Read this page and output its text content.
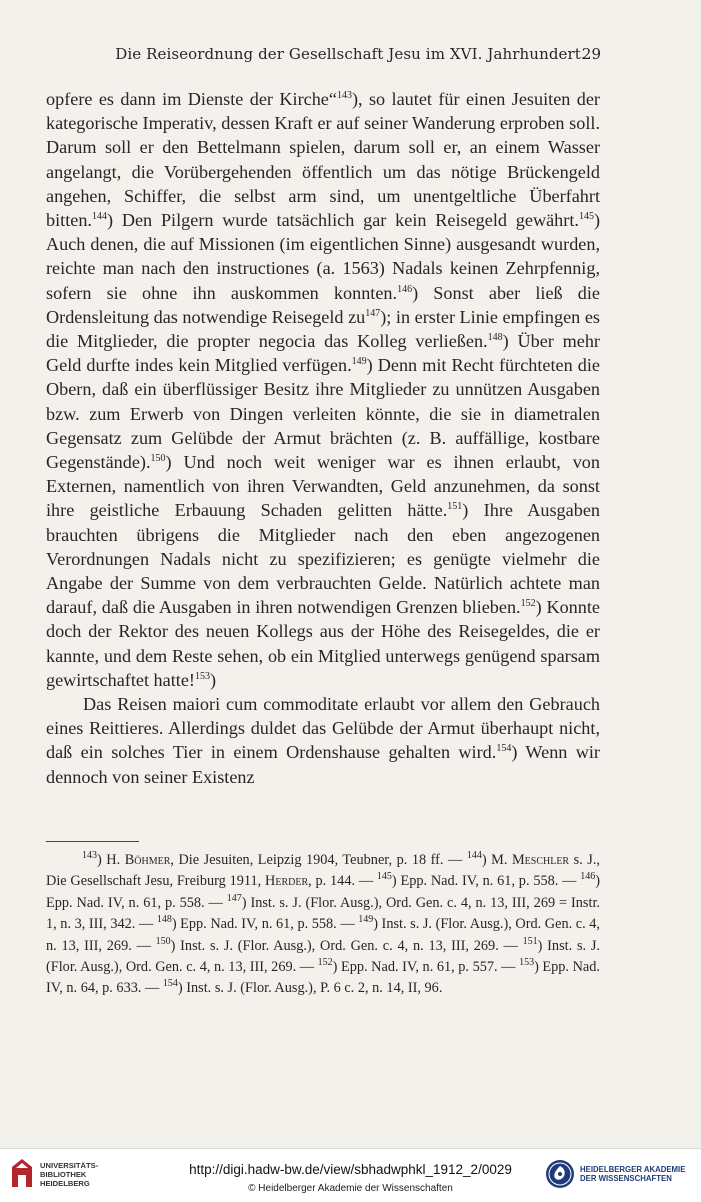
Die Reiseordnung der Gesellschaft Jesu im XVI. Jahrhundert.
29

opfere es dann im Dienste der Kirche“$^{143}$), so lautet für einen Jesuiten der kategorische Imperativ, dessen Kraft er auf seiner Wanderung erproben soll. Darum soll er den Bettelmann spielen, darum soll er, an einem Wasser angelangt, die Vorübergehenden öffentlich um das nötige Brückengeld angehen, Schiffer, die selbst arm sind, um unentgeltliche Überfahrt bitten.$^{144}$) Den Pilgern wurde tatsächlich gar kein Reisegeld gewährt.$^{145}$) Auch denen, die auf Missionen (im eigentlichen Sinne) ausgesandt wurden, reichte man nach den instructiones (a. 1563) Nadals keinen Zehrpfennig, sofern sie ohne ihn auskommen konnten.$^{146}$) Sonst aber ließ die Ordensleitung das notwendige Reisegeld $zu^{147}$); in erster Linie empfingen es die Mitglieder, die propter negocia das Kolleg verließen.$^{148}$) Über mehr Geld durfte indes kein Mitglied verfügen.$^{149}$) Denn mit Recht fürchteten die Obern, daß ein überflüssiger Besitz ihre Mitglieder zu unnützen Ausgaben bzw. zum Erwerb von Dingen verleiten könnte, die sie in diametralen Gegensatz zum Gelübde der Armut brächten (z. B. auffällige, kostbare Gegenstände).$^{150}$) Und noch weit weniger war es ihnen erlaubt, von Externen, namentlich von ihren Verwandten, Geld anzunehmen, da sonst ihre geistliche Erbauung Schaden gelitten hätte.$^{151}$) Ihre Ausgaben brauchten übrigens die Mitglieder nach den eben angezogenen Verordnungen Nadals nicht zu spezifizieren; es genügte vielmehr die Angabe der Summe von dem verbrauchten Gelde. Natürlich achtete man darauf, daß die Ausgaben in ihren notwendigen Grenzen blieben.$^{152}$) Konnte doch der Rektor des neuen Kollegs aus der Höhe des Reisegeldes, die er kannte, und dem Reste sehen, ob ein Mitglied unterwegs genügend sparsam gewirtschaftet hatte!$^{153}$)

Das Reisen maiori cum commoditate erlaubt vor allem den Gebrauch eines Reittieres. Allerdings duldet das Gelübde der Armut überhaupt nicht, daß ein solches Tier in einem Ordenshause gehalten wird.$^{154}$) Wenn wir dennoch von seiner Existenz

$^{143}$) H. Böhmer, Die Jesuiten, Leipzig 1904, Teubner, p. 18 ff. — $^{144}$) M. Meschler s. J., Die Gesellschaft Jesu, Freiburg 1911, Herder, p. 144. — $^{145}$) Epp. Nad. IV, n. 61, p. 558. — $^{146}$) Epp. Nad. IV, n. 61, p. 558. — $^{147}$) Inst. s. J. (Flor. Ausg.), Ord. Gen. c. 4, n. 13, III, 269 = Instr. 1, n. 3, III, 342. — $^{148}$) Epp. Nad. IV, n. 61, p. 558. — $^{149}$) Inst. s. J. (Flor. Ausg.), Ord. Gen. c. 4, n. 13, III, 269. — $^{150}$) Inst. s. J. (Flor. Ausg.), Ord. Gen. c. 4, n. 13, III, 269. — $^{151}$) Inst. s. J. (Flor. Ausg.), Ord. Gen. c. 4, n. 13, III, 269. — $^{152}$) Epp. Nad. IV, n. 61, p. 557. — $^{153}$) Epp. Nad. IV, n. 64, p. 633. — $^{154}$) Inst. s. J. (Flor. Ausg.), P. 6 c. 2, n. 14, II, 96.

UNIVERSITÄTS-
BIBLIOTHEK
HEIDELBERG
http://digi.hadw-bw.de/view/sbhadwphkl_1912_2/0029
© Heidelberger Akademie der Wissenschaften
HEIDELBERGER AKADEMIE
DER WISSENSCHAFTEN
